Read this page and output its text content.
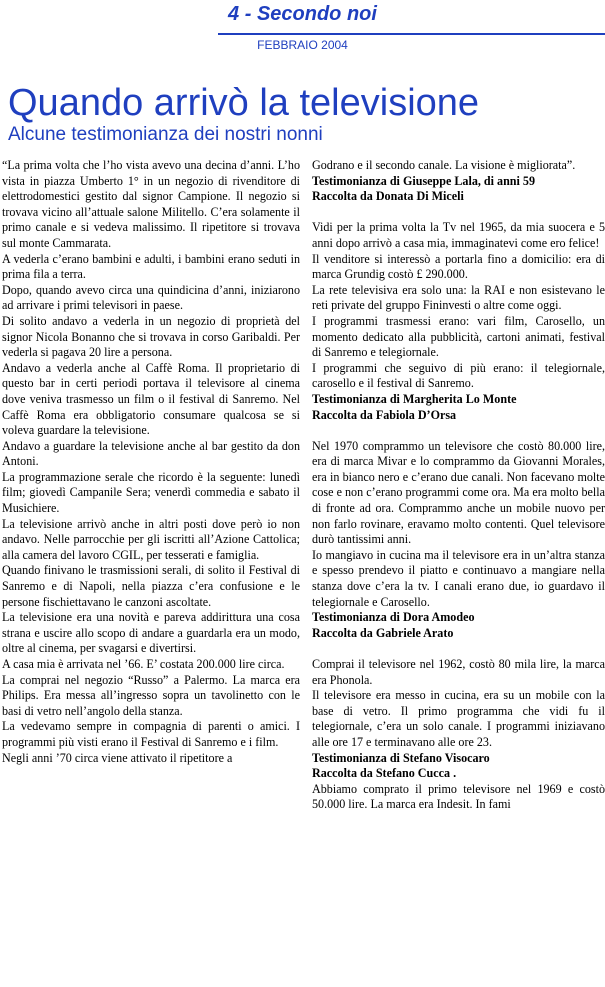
4 - Secondo noi
FEBBRAIO 2004
Quando arrivò la televisione
Alcune testimonianza dei nostri nonni

“La prima volta che l’ho vista avevo una decina d’anni. L’ho vista in piazza Umberto 1° in un negozio di rivenditore di elettrodomestici gestito dal signor Campione. Il negozio si trovava vicino all’attuale salone Militello. C’era solamente il primo canale e si vedeva malissimo. Il ripetitore si trovava sul monte Cammarata.

A vederla c’erano bambini e adulti, i bambini erano seduti in prima fila a terra.

Dopo, quando avevo circa una quindicina d’anni, iniziarono ad arrivare i primi televisori in paese.

Di solito andavo a vederla in un negozio di proprietà del signor Nicola Bonanno che si trovava in corso Garibaldi. Per vederla si pagava 20 lire a persona.

Andavo a vederla anche al Caffè Roma. Il proprietario di questo bar in certi periodi portava il televisore al cinema dove veniva trasmesso un film o il festival di Sanremo. Nel Caffè Roma era obbligatorio consumare qualcosa se si voleva guardare la televisione.

Andavo a guardare la televisione anche al bar gestito da don Antoni.

La programmazione serale che ricordo è la seguente: lunedì film; giovedì Campanile Sera; venerdì commedia e sabato il Musichiere.

La televisione arrivò anche in altri posti dove però io non andavo. Nelle parrocchie per gli iscritti all’Azione Cattolica; alla camera del lavoro CGIL, per tesserati e famiglia.

Quando finivano le trasmissioni serali, di solito il Festival di Sanremo e di Napoli, nella piazza c’era confusione e le persone fischiettavano le canzoni ascoltate.

La televisione era una novità e pareva addirittura una cosa strana e uscire allo scopo di andare a guardarla era un modo, oltre al cinema, per svagarsi e divertirsi.

A casa mia è arrivata nel ’66. E’ costata 200.000 lire circa.

La comprai nel negozio “Russo” a Palermo. La marca era Philips. Era messa all’ingresso sopra un tavolinetto con le basi di vetro nell’angolo della stanza.

La vedevamo sempre in compagnia di parenti o amici. I programmi più visti erano il Festival di Sanremo e i film.

Negli anni ’70 circa viene attivato il ripetitore a

Godrano e il secondo canale. La visione è migliorata”.

Testimonianza di Giuseppe Lala, di anni 59

Raccolta da Donata Di Miceli

Vidi per la prima volta la Tv nel 1965, da mia suocera e 5 anni dopo arrivò a casa mia, immaginatevi come ero felice!

Il venditore si interessò a portarla fino a domicilio: era di marca Grundig costò £ 290.000.

La rete televisiva era solo una: la RAI e non esistevano le reti private del gruppo Fininvesti o altre come oggi.

I programmi trasmessi erano: vari film, Carosello, un momento dedicato alla pubblicità, cartoni animati, festival di Sanremo e telegiornale.

I programmi che seguivo di più erano: il telegiornale, carosello e il festival di Sanremo.

Testimonianza di Margherita Lo Monte

Raccolta da Fabiola D’Orsa

Nel 1970 comprammo un televisore che costò 80.000 lire, era di marca Mivar e lo comprammo da Giovanni Morales, era in bianco nero e c’erano due canali. Non facevano molte cose e non c’erano programmi come ora. Ma era molto bella di fronte ad ora. Comprammo anche un mobile nuovo per non farlo rovinare, eravamo molto contenti. Quel televisore durò tantissimi anni.

Io mangiavo in cucina ma il televisore era in un’altra stanza e spesso prendevo il piatto e continuavo a mangiare nella stanza dove c’era la tv. I canali erano due, io guardavo il telegiornale e Carosello.

Testimonianza di Dora Amodeo

Raccolta da Gabriele Arato

Comprai il televisore nel 1962, costò 80 mila lire, la marca era Phonola.

Il televisore era messo in cucina, era su un mobile con la base di vetro. Il primo programma che vidi fu il telegiornale, c’era un solo canale. I programmi iniziavano alle ore 17 e terminavano alle ore 23.

Testimonianza di Stefano Visocaro

Raccolta da Stefano Cucca .

Abbiamo comprato il primo televisore nel 1969 e costò 50.000 lire. La marca era Indesit. In fami
